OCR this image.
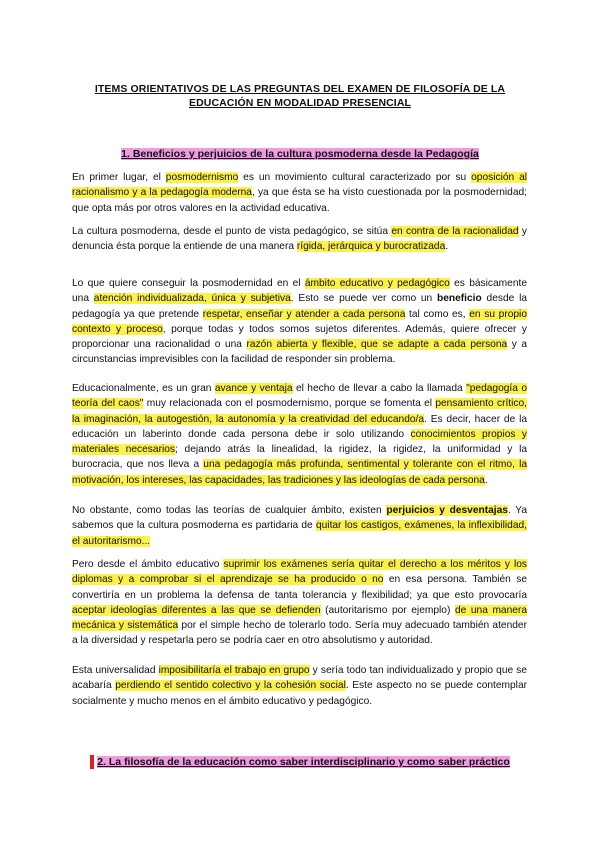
ITEMS ORIENTATIVOS DE LAS PREGUNTAS DEL EXAMEN DE FILOSOFÍA DE LA
EDUCACIÓN EN MODALIDAD PRESENCIAL
1. Beneficios y perjuicios de la cultura posmoderna desde la Pedagogía

En primer lugar, el posmodernismo es un movimiento cultural caracterizado por su oposición al racionalismo y a la pedagogía moderna, ya que ésta se ha visto cuestionada por la posmodernidad; que opta más por otros valores en la actividad educativa.

La cultura posmoderna, desde el punto de vista pedagógico, se sitúa en contra de la racionalidad y denuncia ésta porque la entiende de una manera rígida, jerárquica y burocratizada.

Lo que quiere conseguir la posmodernidad en el ámbito educativo y pedagógico es básicamente una atención individualizada, única y subjetiva. Esto se puede ver como un beneficio desde la pedagogía ya que pretende respetar, enseñar y atender a cada persona tal como es, en su propio contexto y proceso, porque todas y todos somos sujetos diferentes. Además, quiere ofrecer y proporcionar una racionalidad o una razón abierta y flexible, que se adapte a cada persona y a circunstancias imprevisibles con la facilidad de responder sin problema.

Educacionalmente, es un gran avance y ventaja el hecho de llevar a cabo la llamada "pedagogía o teoría del caos" muy relacionada con el posmodernismo, porque se fomenta el pensamiento crítico, la imaginación, la autogestión, la autonomía y la creatividad del educando/a. Es decir, hacer de la educación un laberinto donde cada persona debe ir solo utilizando conocimientos propios y materiales necesarios; dejando atrás la linealidad, la rigidez, la rigidez, la uniformidad y la burocracia, que nos lleva a una pedagogía más profunda, sentimental y tolerante con el ritmo, la motivación, los intereses, las capacidades, las tradiciones y las ideologías de cada persona.

No obstante, como todas las teorías de cualquier ámbito, existen perjuicios y desventajas. Ya sabemos que la cultura posmoderna es partidaria de quitar los castigos, exámenes, la inflexibilidad, el autoritarismo...

Pero desde el ámbito educativo suprimir los exámenes sería quitar el derecho a los méritos y los diplomas y a comprobar si el aprendizaje se ha producido o no en esa persona. También se convertiría en un problema la defensa de tanta tolerancia y flexibilidad; ya que esto provocaría aceptar ideologías diferentes a las que se defienden (autoritarismo por ejemplo) de una manera mecánica y sistemática por el simple hecho de tolerarlo todo. Sería muy adecuado también atender a la diversidad y respetarla pero se podría caer en otro absolutismo y autoridad.

Esta universalidad imposibilitaría el trabajo en grupo y sería todo tan individualizado y propio que se acabaría perdiendo el sentido colectivo y la cohesión social. Este aspecto no se puede contemplar socialmente y mucho menos en el ámbito educativo y pedagógico.

2. La filosofía de la educación como saber interdisciplinario y como saber práctico
